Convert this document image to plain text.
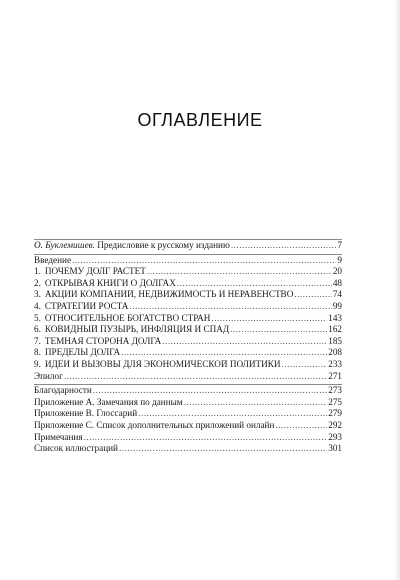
ОГЛАВЛЕНИЕ
О. Буклемишев. Предисловие к русскому изданию .....	7
Введение .....	9
1. ПОЧЕМУ ДОЛГ РАСТЕТ .....	20
2. ОТКРЫВАЯ КНИГИ О ДОЛГАХ .....	48
3. АКЦИИ КОМПАНИЙ, НЕДВИЖИМОСТЬ И НЕРАВЕНСТВО .....	74
4. СТРАТЕГИИ РОСТА .....	99
5. ОТНОСИТЕЛЬНОЕ БОГАТСТВО СТРАН .....	143
6. КОВИДНЫЙ ПУЗЫРЬ, ИНФЛЯЦИЯ И СПАД .....	162
7. ТЕМНАЯ СТОРОНА ДОЛГА .....	185
8. ПРЕДЕЛЫ ДОЛГА .....	208
9. ИДЕИ И ВЫЗОВЫ ДЛЯ ЭКОНОМИЧЕСКОЙ ПОЛИТИКИ .....	233
Эпилог .....	271
Благодарности .....	273
Приложение А. Замечания по данным .....	275
Приложение В. Глоссарий .....	279
Приложение С. Список дополнительных приложений онлайн .....	292
Примечания .....	293
Список иллюстраций .....	301
